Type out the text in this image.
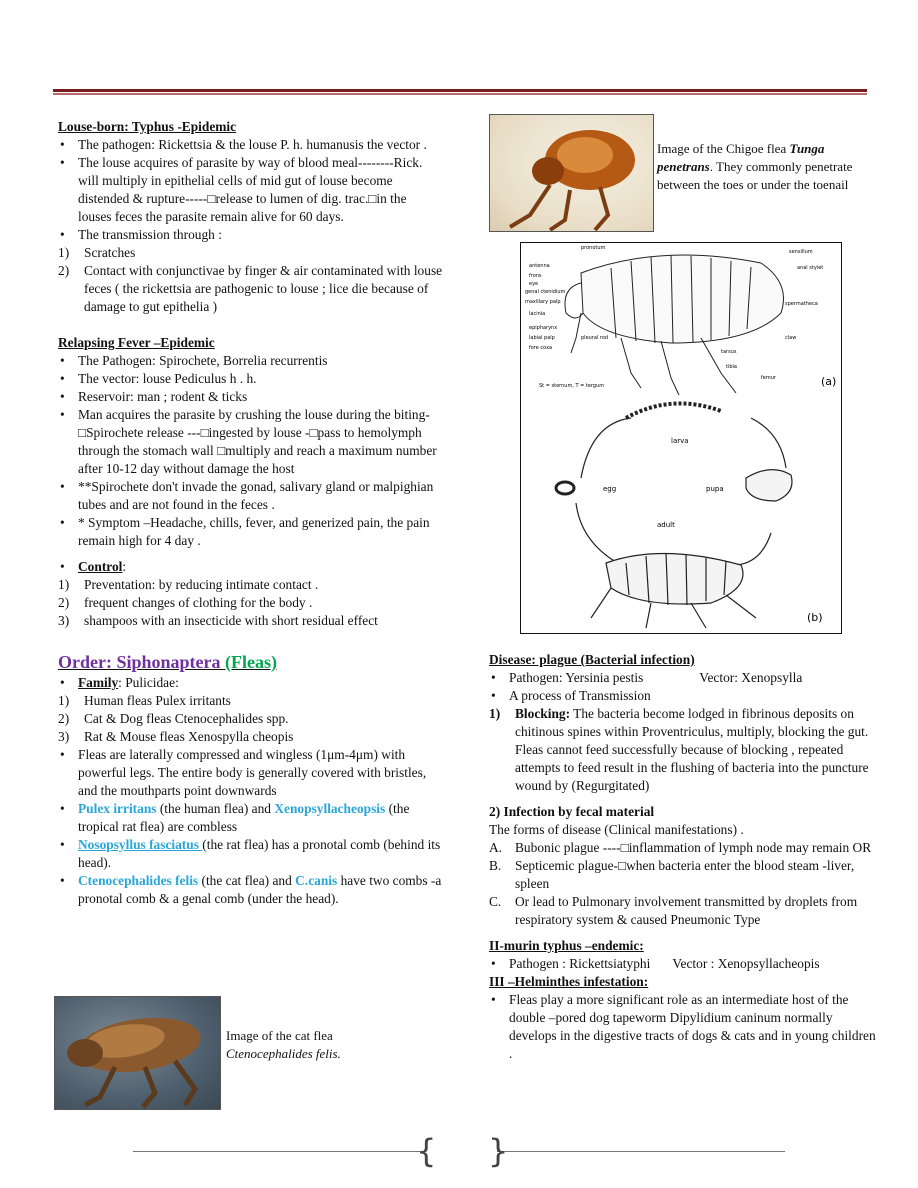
Louse-born: Typhus -Epidemic
• The pathogen: Rickettsia & the louse P. h. humanusis the vector .
• The louse acquires of parasite by way of blood meal--------Rick. will multiply in epithelial cells of mid gut of louse become distended & rupture-----□release to lumen of dig. trac.□in the louses feces the parasite remain alive for 60 days.
• The transmission through :
1) Scratches
2) Contact with conjunctivae by finger & air contaminated with louse feces ( the rickettsia are pathogenic to louse ; lice die because of damage to gut epithelia )
Relapsing Fever –Epidemic
• The Pathogen: Spirochete, Borrelia recurrentis
• The vector: louse Pediculus h . h.
• Reservoir: man ; rodent & ticks
• Man acquires the parasite by crushing the louse during the biting-□Spirochete release ---□ingested by louse -□pass to hemolymph through the stomach wall □multiply and reach a maximum number after 10-12 day without damage the host
• **Spirochete don't invade the gonad, salivary gland or malpighian tubes and are not found in the feces .
• * Symptom –Headache, chills, fever, and generized pain, the pain remain high for 4 day .
• Control:
1) Preventation: by reducing intimate contact .
2) frequent changes of clothing for the body .
3) shampoos with an insecticide with short residual effect
Order: Siphonaptera (Fleas)
• Family: Pulicidae:
1) Human fleas Pulex irritants
2) Cat & Dog fleas Ctenocephalides spp.
3) Rat & Mouse fleas Xenospylla cheopis
• Fleas are laterally compressed and wingless (1μm-4μm) with powerful legs. The entire body is generally covered with bristles, and the mouthparts point downwards
• Pulex irritans (the human flea) and Xenopsyllacheopsis (the tropical rat flea) are combless
• Nosopsyllus fasciatus (the rat flea) has a pronotal comb (behind its head).
• Ctenocephalides felis (the cat flea) and C.canis have two combs -a pronotal comb & a genal comb (under the head).
Image of the cat flea
Ctenocephalides felis.
Image of the Chigoe flea Tunga penetrans. They commonly penetrate between the toes or under the toenail
antenna
frons
eye
genal ctenidium
maxillary palp
lacinia
epipharynx
labial palp
fore coxa
pleural rod
pronotum
sensillum
anal stylet
spermatheca
claw
tarsus
tibia
femur
St = sternum, T = tergum	(a)
larva
egg	pupa
adult
(b)
Disease: plague (Bacterial infection)
• Pathogen: Yersinia pestis	Vector: Xenopsylla
• A process of Transmission
1) Blocking: The bacteria become lodged in fibrinous deposits on chitinous spines within Proventriculus, multiply, blocking the gut. Fleas cannot feed successfully because of blocking , repeated attempts to feed result in the flushing of bacteria into the puncture wound by (Regurgitated)
2) Infection by fecal material
The forms of disease (Clinical manifestations) .
A. Bubonic plague ----□inflammation of lymph node may remain OR
B. Septicemic plague-□when bacteria enter the blood steam -liver, spleen
C. Or lead to Pulmonary involvement transmitted by droplets from respiratory system & caused Pneumonic Type
II-murin typhus –endemic:
• Pathogen : Rickettsiatyphi Vector : Xenopsyllacheopis
III –Helminthes infestation:
• Fleas play a more significant role as an intermediate host of the double –pored dog tapeworm Dipylidium caninum normally develops in the digestive tracts of dogs & cats and in young children .
{ }
